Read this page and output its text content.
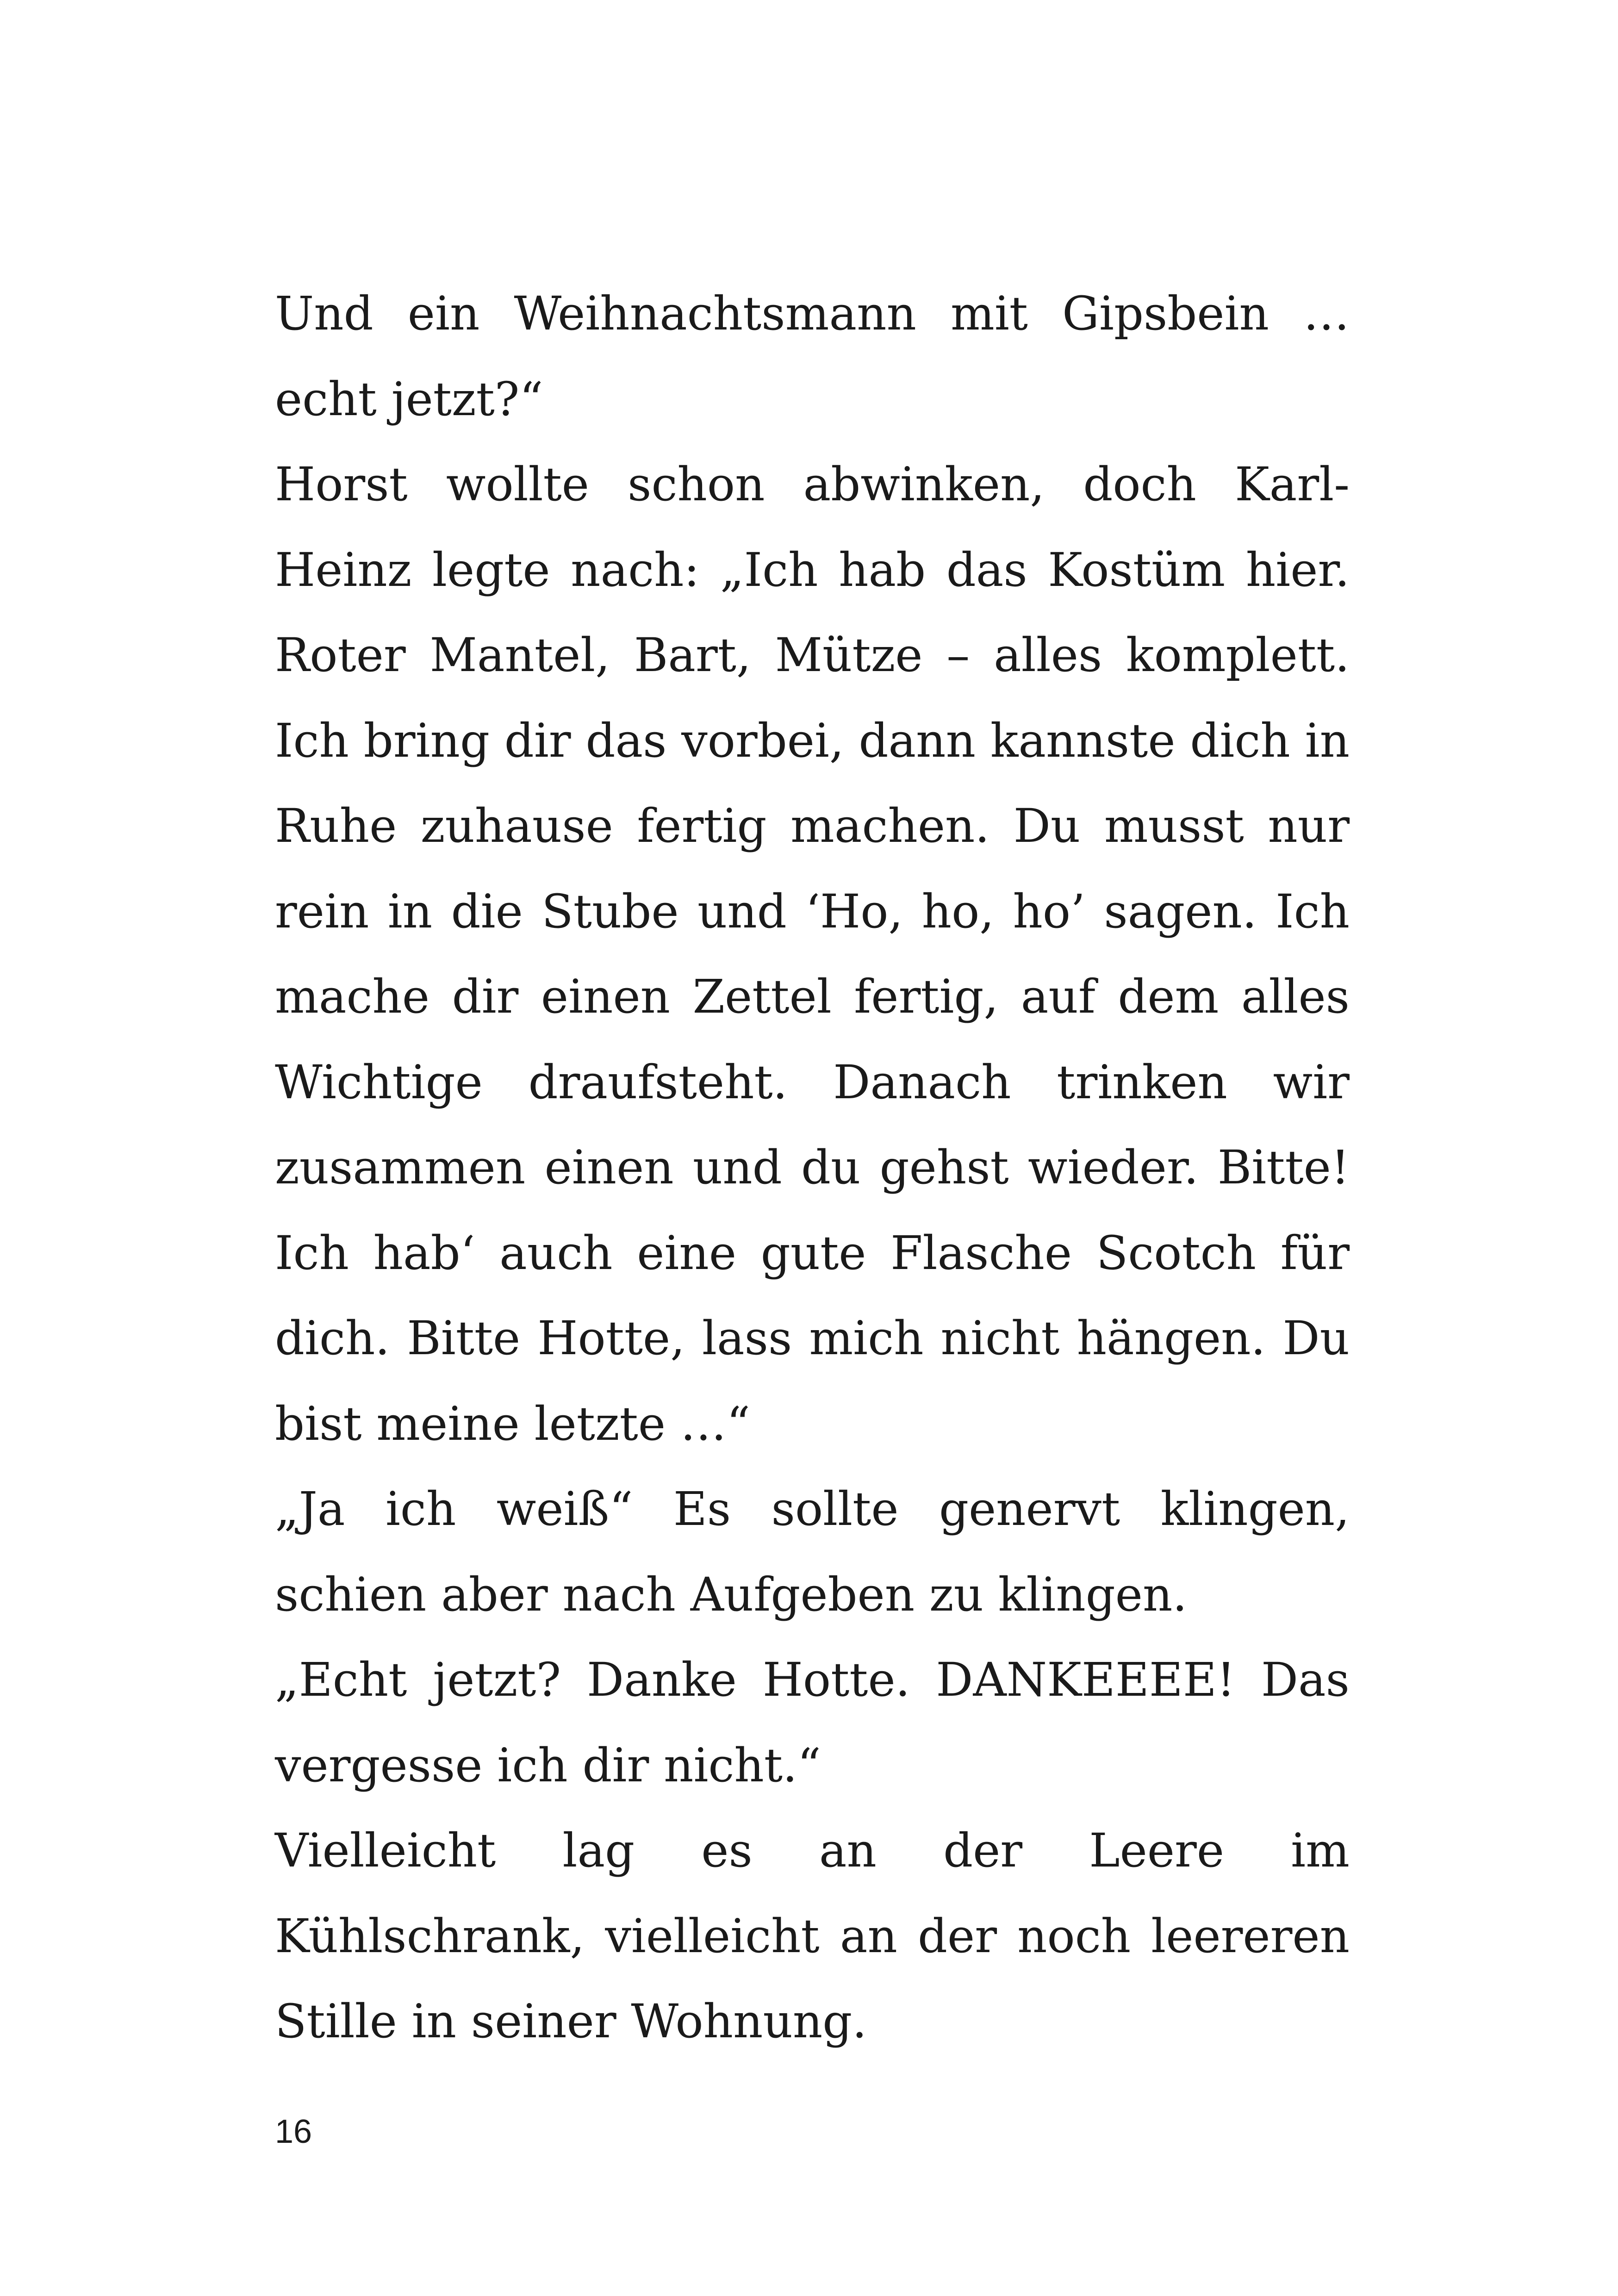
Und ein Weihnachtsmann mit Gipsbein … echt jetzt?“

Horst wollte schon abwinken, doch Karl-Heinz legte nach: „Ich hab das Kostüm hier. Roter Mantel, Bart, Mütze – alles komplett. Ich bring dir das vorbei, dann kannste dich in Ruhe zuhause fertig machen. Du musst nur rein in die Stube und ‘Ho, ho, ho’ sagen. Ich mache dir einen Zettel fertig, auf dem alles Wichtige draufsteht. Danach trinken wir zusammen einen und du gehst wieder. Bitte! Ich hab‘ auch eine gute Flasche Scotch für dich. Bitte Hotte, lass mich nicht hängen. Du bist meine letzte …“

„Ja ich weiß“ Es sollte genervt klingen, schien aber nach Aufgeben zu klingen.

„Echt jetzt? Danke Hotte. DANKEEEE! Das vergesse ich dir nicht.“

Vielleicht lag es an der Leere im Kühlschrank, vielleicht an der noch leereren Stille in seiner Wohnung.

16
